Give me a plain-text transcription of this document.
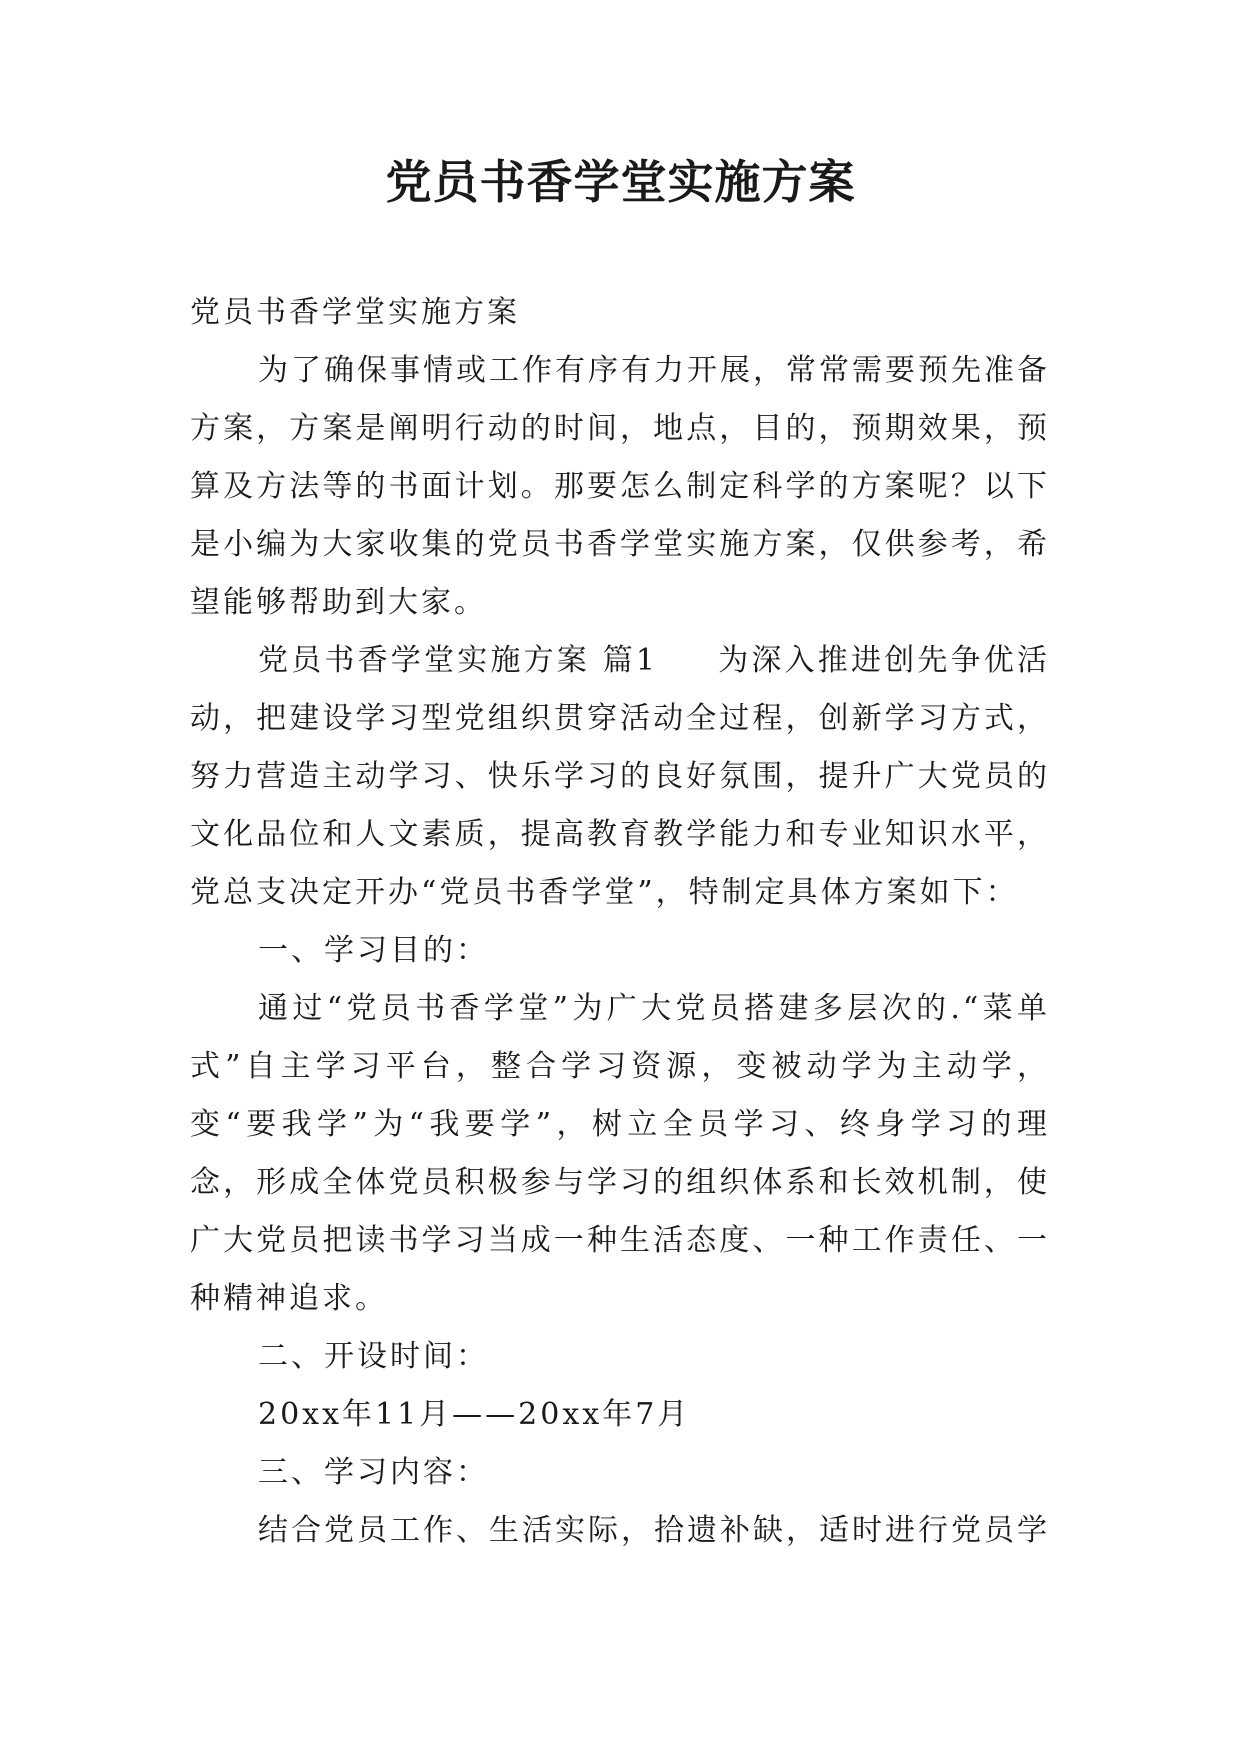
党员书香学堂实施方案

党员书香学堂实施方案

为了确保事情或工作有序有力开展，常常需要预先准备方案，方案是阐明行动的时间，地点，目的，预期效果，预算及方法等的书面计划。那要怎么制定科学的方案呢？以下是小编为大家收集的党员书香学堂实施方案，仅供参考，希望能够帮助到大家。

党员书香学堂实施方案 篇1 为深入推进创先争优活动，把建设学习型党组织贯穿活动全过程，创新学习方式，努力营造主动学习、快乐学习的良好氛围，提升广大党员的文化品位和人文素质，提高教育教学能力和专业知识水平，党总支决定开办“党员书香学堂”，特制定具体方案如下：

一、学习目的：

通过“党员书香学堂”为广大党员搭建多层次的.“菜单式”自主学习平台，整合学习资源，变被动学为主动学，变“要我学”为“我要学”，树立全员学习、终身学习的理念，形成全体党员积极参与学习的组织体系和长效机制，使广大党员把读书学习当成一种生活态度、一种工作责任、一种精神追求。

二、开设时间：

20xx年11月——20xx年7月

三、学习内容：

结合党员工作、生活实际，拾遗补缺，适时进行党员学
